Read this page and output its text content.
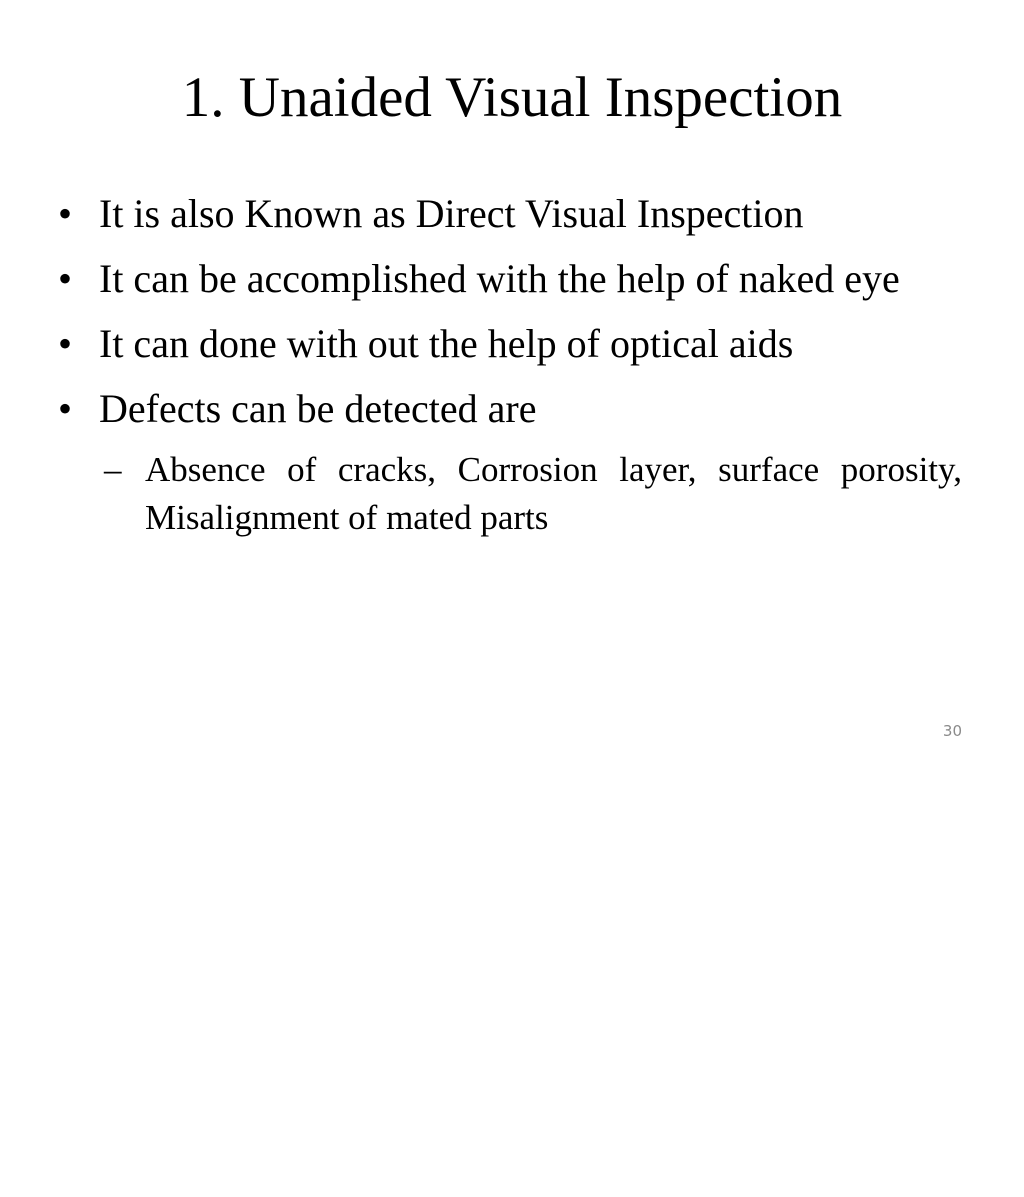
1. Unaided Visual Inspection
• It is also Known as Direct Visual Inspection
• It can be accomplished with the help of naked eye
• It can done with out the help of optical aids
• Defects can be detected are
– Absence of cracks, Corrosion layer, surface porosity, Misalignment of mated parts
30
